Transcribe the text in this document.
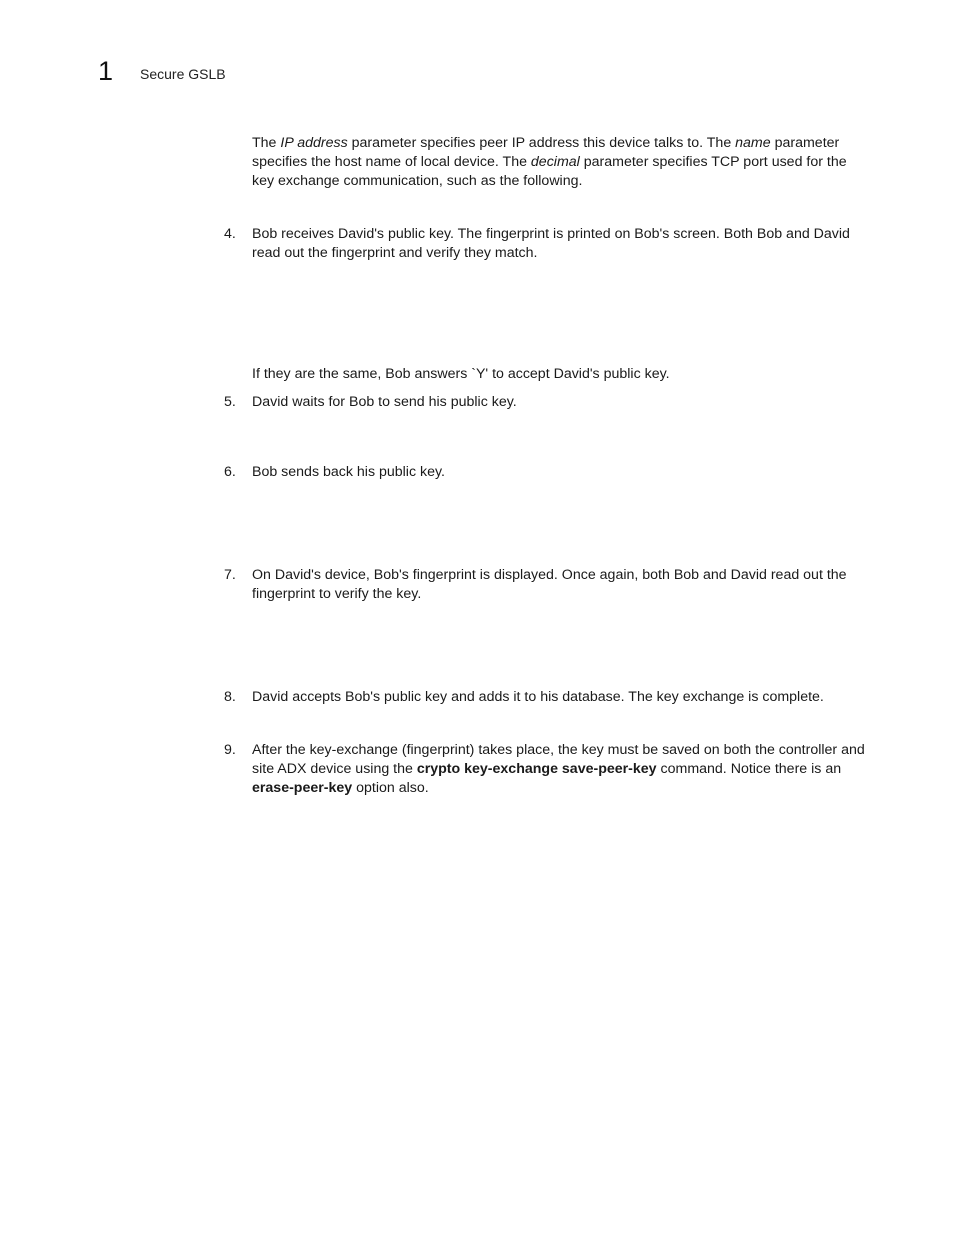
1 Secure GSLB

The IP address parameter specifies peer IP address this device talks to. The name parameter specifies the host name of local device. The decimal parameter specifies TCP port used for the key exchange communication, such as the following.

4.	Bob receives David's public key. The fingerprint is printed on Bob's screen. Both Bob and David read out the fingerprint and verify they match.

If they are the same, Bob answers `Y' to accept David's public key.

5.	David waits for Bob to send his public key.
6.	Bob sends back his public key.
7.	On David's device, Bob's fingerprint is displayed. Once again, both Bob and David read out the fingerprint to verify the key.
8.	David accepts Bob's public key and adds it to his database. The key exchange is complete.
9.	After the key-exchange (fingerprint) takes place, the key must be saved on both the controller and site ADX device using the crypto key-exchange save-peer-key command. Notice there is an erase-peer-key option also.
